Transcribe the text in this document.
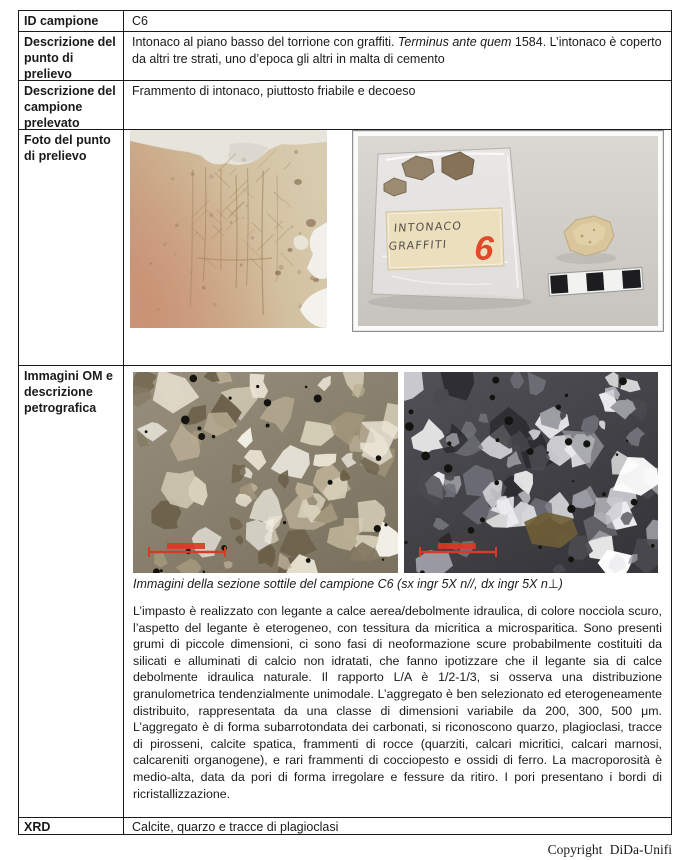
ID campione	C6
Descrizione del punto di prelievo
Intonaco al piano basso del torrione con graffiti. Terminus ante quem 1584. L’intonaco è coperto da altri tre strati, uno d’epoca gli altri in malta di cemento
Descrizione del campione prelevato
Frammento di intonaco, piuttosto friabile e decoeso
Foto del punto di prelievo
INTONACO
GRAFFITI 6
Immagini OM e descrizione petrografica
Immagini della sezione sottile del campione C6 (sx ingr 5X n//, dx ingr 5X n⊥)
L’impasto è realizzato con legante a calce aerea/debolmente idraulica, di colore nocciola scuro, l’aspetto del legante è eterogeneo, con tessitura da micritica a microsparitica. Sono presenti grumi di piccole dimensioni, ci sono fasi di neoformazione scure probabilmente costituiti da silicati e alluminati di calcio non idratati, che fanno ipotizzare che il legante sia di calce debolmente idraulica naturale. Il rapporto L/A è 1/2-1/3, si osserva una distribuzione granulometrica tendenzialmente unimodale. L’aggregato è ben selezionato ed eterogeneamente distribuito, rappresentata da una classe di dimensioni variabile da 200, 300, 500 μm. L’aggregato è di forma subarrotondata dei carbonati, si riconoscono quarzo, plagioclasi, tracce di pirosseni, calcite spatica, frammenti di rocce (quarziti, calcari micritici, calcari marnosi, calcareniti organogene), e rari frammenti di cocciopesto e ossidi di ferro. La macroporosità è medio-alta, data da pori di forma irregolare e fessure da ritiro. I pori presentano i bordi di ricristallizzazione.
XRD	Calcite, quarzo e tracce di plagioclasi
Copyright DiDa-Unifi
